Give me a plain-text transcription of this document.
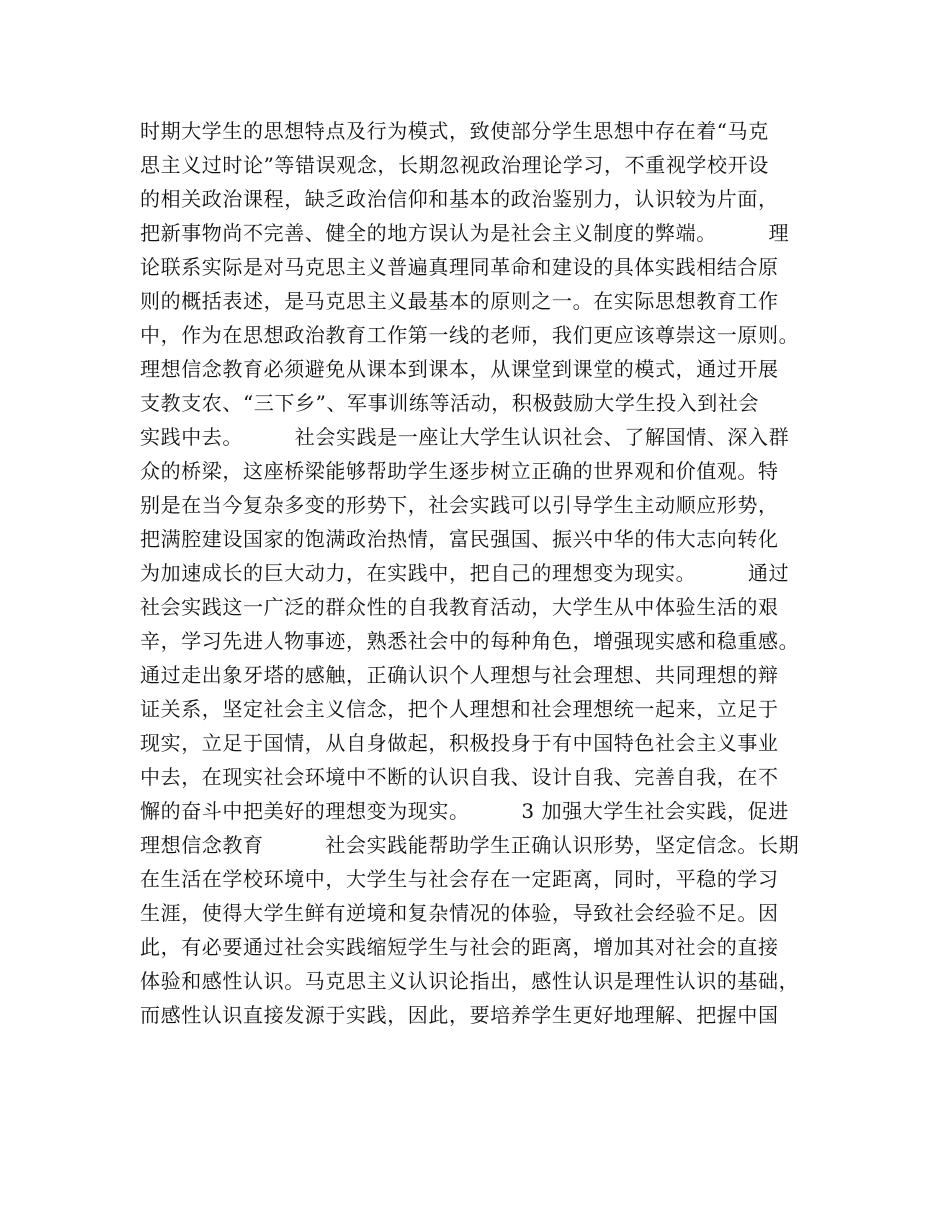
时期大学生的思想特点及行为模式，致使部分学生思想中存在着“马克
思主义过时论”等错误观念，长期忽视政治理论学习，不重视学校开设
的相关政治课程，缺乏政治信仰和基本的政治鉴别力，认识较为片面，
把新事物尚不完善、健全的地方误认为是社会主义制度的弊端。　　　理
论联系实际是对马克思主义普遍真理同革命和建设的具体实践相结合原
则的概括表述，是马克思主义最基本的原则之一。在实际思想教育工作
中，作为在思想政治教育工作第一线的老师，我们更应该尊崇这一原则。
理想信念教育必须避免从课本到课本，从课堂到课堂的模式，通过开展
支教支农、“三下乡”、军事训练等活动，积极鼓励大学生投入到社会
实践中去。　　　社会实践是一座让大学生认识社会、了解国情、深入群
众的桥梁，这座桥梁能够帮助学生逐步树立正确的世界观和价值观。特
别是在当今复杂多变的形势下，社会实践可以引导学生主动顺应形势，
把满腔建设国家的饱满政治热情，富民强国、振兴中华的伟大志向转化
为加速成长的巨大动力，在实践中，把自己的理想变为现实。　　　通过
社会实践这一广泛的群众性的自我教育活动，大学生从中体验生活的艰
辛，学习先进人物事迹，熟悉社会中的每种角色，增强现实感和稳重感。
通过走出象牙塔的感触，正确认识个人理想与社会理想、共同理想的辩
证关系，坚定社会主义信念，把个人理想和社会理想统一起来，立足于
现实，立足于国情，从自身做起，积极投身于有中国特色社会主义事业
中去，在现实社会环境中不断的认识自我、设计自我、完善自我，在不
懈的奋斗中把美好的理想变为现实。　　　3 加强大学生社会实践，促进
理想信念教育　　　社会实践能帮助学生正确认识形势，坚定信念。长期
在生活在学校环境中，大学生与社会存在一定距离，同时，平稳的学习
生涯，使得大学生鲜有逆境和复杂情况的体验，导致社会经验不足。因
此，有必要通过社会实践缩短学生与社会的距离，增加其对社会的直接
体验和感性认识。马克思主义认识论指出，感性认识是理性认识的基础，
而感性认识直接发源于实践，因此，要培养学生更好地理解、把握中国
